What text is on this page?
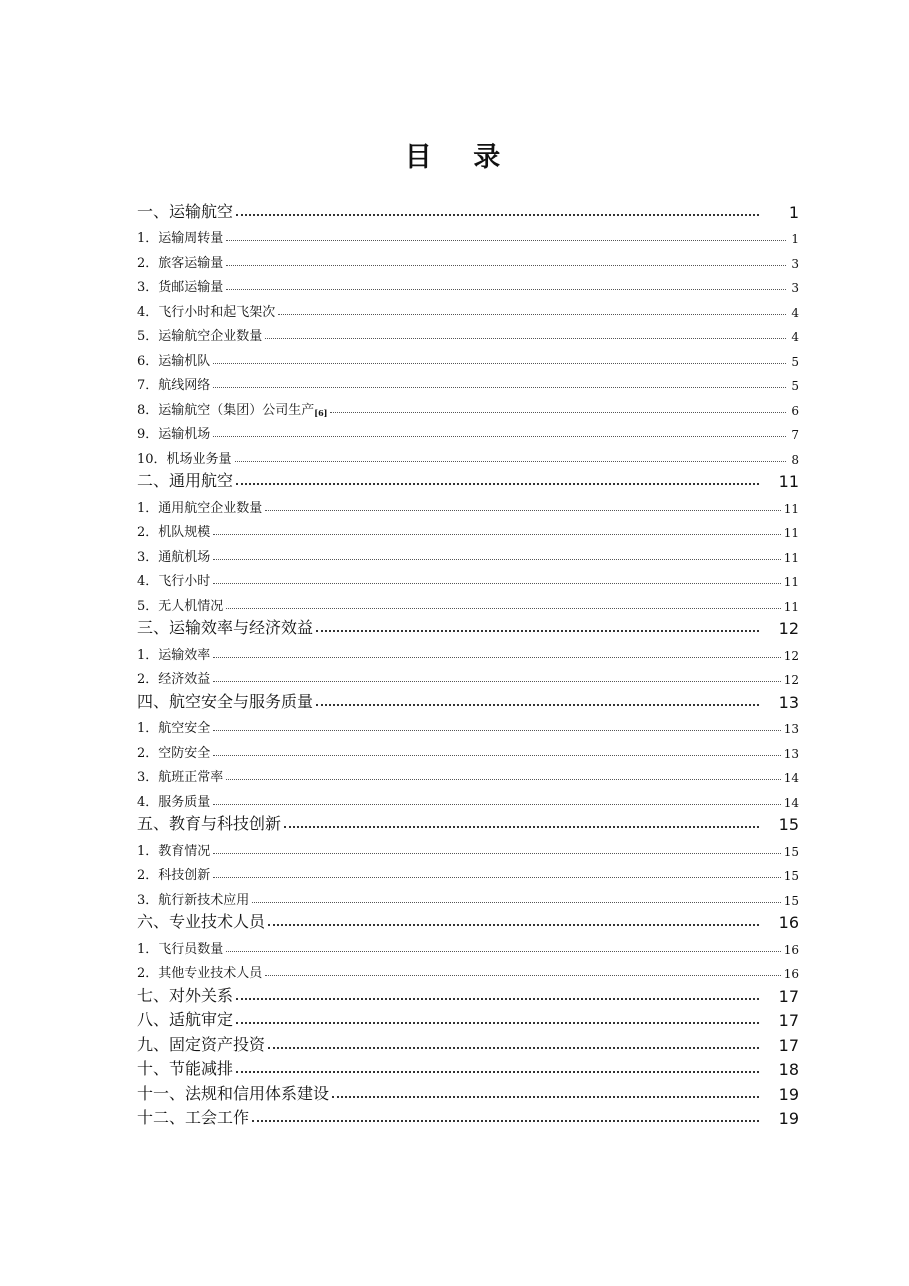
目 录
一、运输航空	1
1．运输周转量	1
2．旅客运输量	3
3．货邮运输量	3
4．飞行小时和起飞架次	4
5．运输航空企业数量	4
6．运输机队	5
7．航线网络	5
8．运输航空（集团）公司生产$_{[6]}$	6
9．运输机场	7
10．机场业务量	8
二、通用航空	11
1．通用航空企业数量	11
2．机队规模	11
3．通航机场	11
4．飞行小时	11
5．无人机情况	11
三、运输效率与经济效益	12
1．运输效率	12
2．经济效益	12
四、航空安全与服务质量	13
1．航空安全	13
2．空防安全	13
3．航班正常率	14
4．服务质量	14
五、教育与科技创新	15
1．教育情况	15
2．科技创新	15
3．航行新技术应用	15
六、专业技术人员	16
1．飞行员数量	16
2．其他专业技术人员	16
七、对外关系	17
八、适航审定	17
九、固定资产投资	17
十、节能减排	18
十一、法规和信用体系建设	19
十二、工会工作	19
